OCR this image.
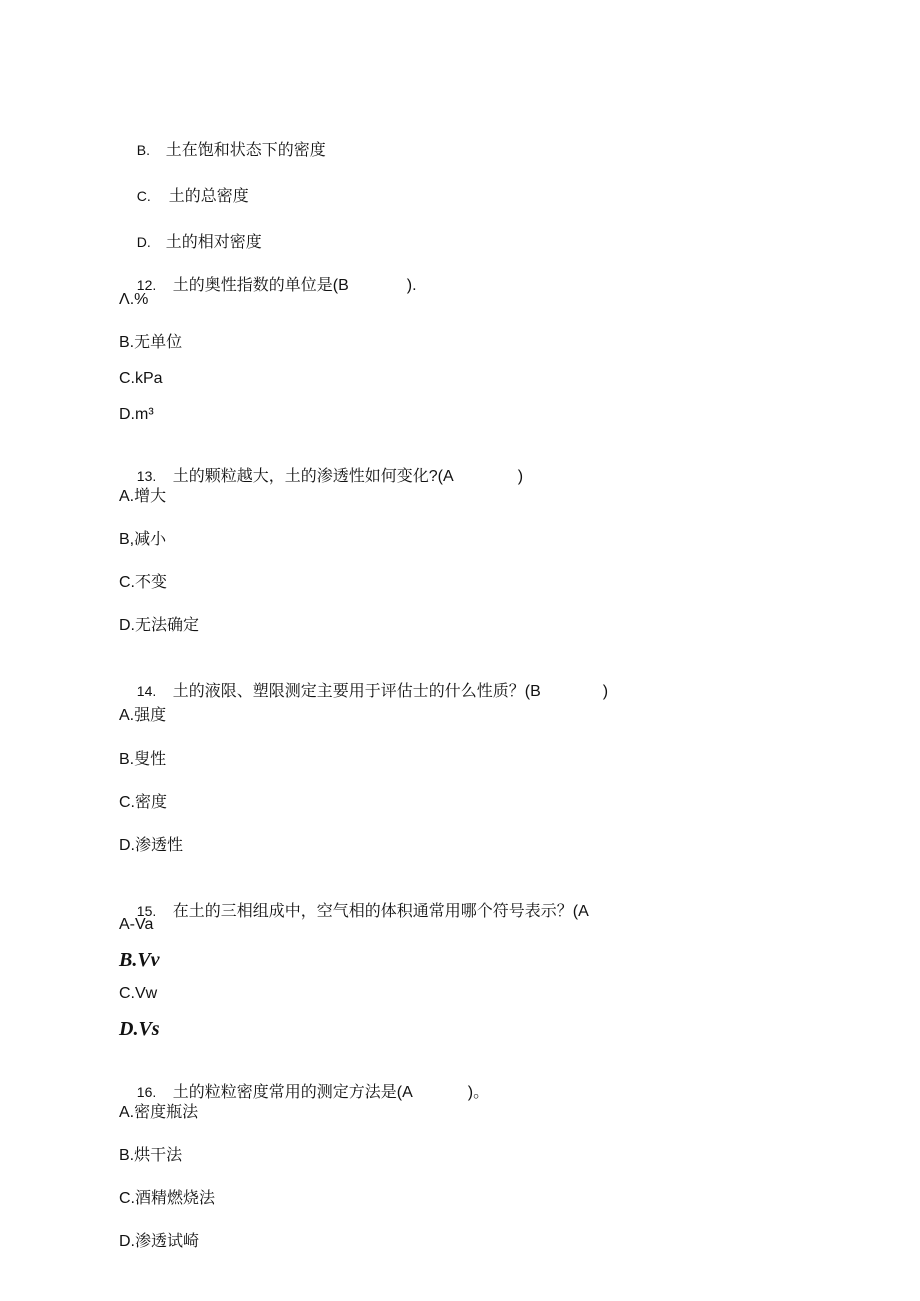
B. 土在饱和状态下的密度

C. 土的总密度

D. 土的相对密度

12. 土的奥性指数的单位是(B	).

Λ.%
B.无单位
C.kPa
D.m³

13. 土的颗粒越大，土的渗透性如何变化?(A	)

A.增大
B,减小
C.不变
D.无法确定

14. 土的液限、塑限测定主要用于评估士的什么性质？(B	)

A.强度
B.叟性
C.密度
D.渗透性

15. 在土的三相组成中，空气相的体积通常用哪个符号表示？(A

A-Va
B.Vv
C.Vw
D.Vs

16. 土的粒粒密度常用的测定方法是(A	)。

A.密度瓶法
B.烘干法
C.酒精燃烧法
D.渗透试崎
